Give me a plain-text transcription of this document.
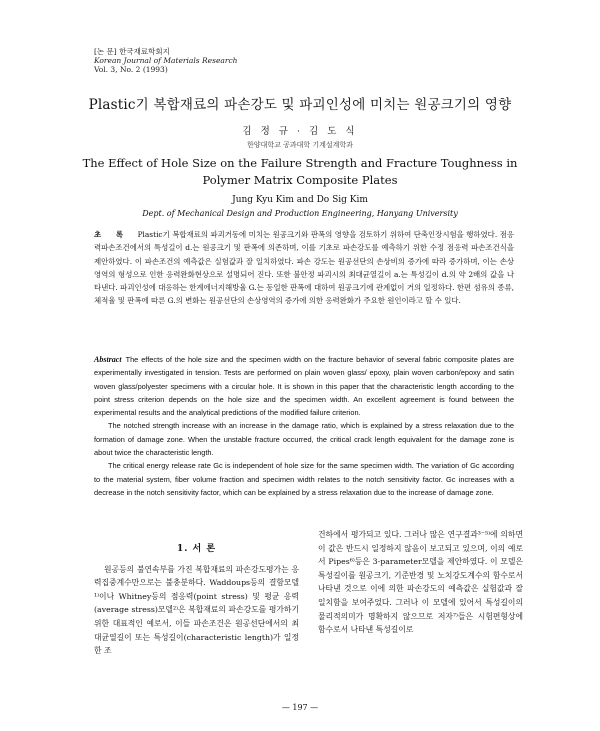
[논 문] 한국재료학회지
Korean Journal of Materials Research
Vol. 3, No. 2 (1993)
Plastic기 복합재료의 파손강도 및 파괴인성에 미치는 원공크기의 영향
김 정 규 · 김 도 식
한양대학교 공과대학 기계설계학과
The Effect of Hole Size on the Failure Strength and Fracture Toughness in
Polymer Matrix Composite Plates
Jung Kyu Kim and Do Sig Kim
Dept. of Mechanical Design and Production Engineering, Hanyang University
초 록 Plastic기 복합재료의 파괴거동에 미치는 원공크기와 판폭의 영향을 검토하기 위하여 단축인장시험을 행하였다. 점응력파손조건에서의 특성길이 d.는 원공크기 및 판폭에 의존하며, 이를 기초로 파손강도를 예측하기 위한 수정 점응력 파손조건식을 제안하였다. 이 파손조건의 예측값은 실험값과 잘 일치하였다. 파손 강도는 원공선단의 손상비의 증가에 따라 증가하며, 이는 손상영역의 형성으로 인한 응력완화현상으로 설명되어 진다. 또한 불안정 파괴시의 최대균열길이 a.는 특성길이 d.의 약 2배의 값을 나타낸다. 파괴인성에 대응하는 한계에너지해방율 G.는 동일한 판폭에 대하여 원공크기에 관계없이 거의 일정하다. 한편 섬유의 종류, 체적율 및 판폭에 따른 G.의 변화는 원공선단의 손상영역의 증가에 의한 응력완화가 주요한 원인이라고 할 수 있다.

Abstract The effects of the hole size and the specimen width on the fracture behavior of several fabric composite plates are experimentally investigated in tension. Tests are performed on plain woven glass/ epoxy, plain woven carbon/epoxy and satin woven glass/polyester specimens with a circular hole. It is shown in this paper that the characteristic length according to the point stress criterion depends on the hole size and the specimen width. An excellent agreement is found between the experimental results and the analytical predictions of the modified failure criterion.

The notched strength increase with an increase in the damage ratio, which is explained by a stress relaxation due to the formation of damage zone. When the unstable fracture occurred, the critical crack length equivalent for the damage zone is about twice the characteristic length.

The critical energy release rate Gc is independent of hole size for the same specimen width. The variation of Gc according to the material system, fiber volume fraction and specimen width relates to the notch sensitivity factor. Gc increases with a decrease in the notch sensitivity factor, which can be explained by a stress relaxation due to the increase of damage zone.

1. 서 론

원공등의 불연속부를 가진 복합재료의 파손강도평가는 응력집중계수만으로는 불충분하다. Waddoups등의 결함모델¹⁾이나 Whitney등의 점응력(point stress) 및 평균 응력(average stress)모델²⁾은 복합재료의 파손강도를 평가하기 위한 대표적인 예로서, 이들 파손조건은 원공선단에서의 최대균열길이 또는 특성길이(characteristic length)가 일정한 조

건하에서 평가되고 있다. 그러나 많은 연구결과³⁻⁵⁾에 의하면 이 값은 반드시 일정하지 않음이 보고되고 있으며, 이의 예로서 Pipes⁶⁾등은 3-parameter모델을 제안하였다. 이 모델은 특성길이를 원공크기, 기준반경 및 노치강도계수의 함수로서 나타낸 것으로 이에 의한 파손강도의 예측값은 실험값과 잘 일치함을 보여주었다. 그러나 이 모델에 있어서 특성길이의 물리적의미가 명확하지 않으므로 저자⁷⁾들은 시험편형상에 함수로서 나타낸 특성길이로

— 197 —
